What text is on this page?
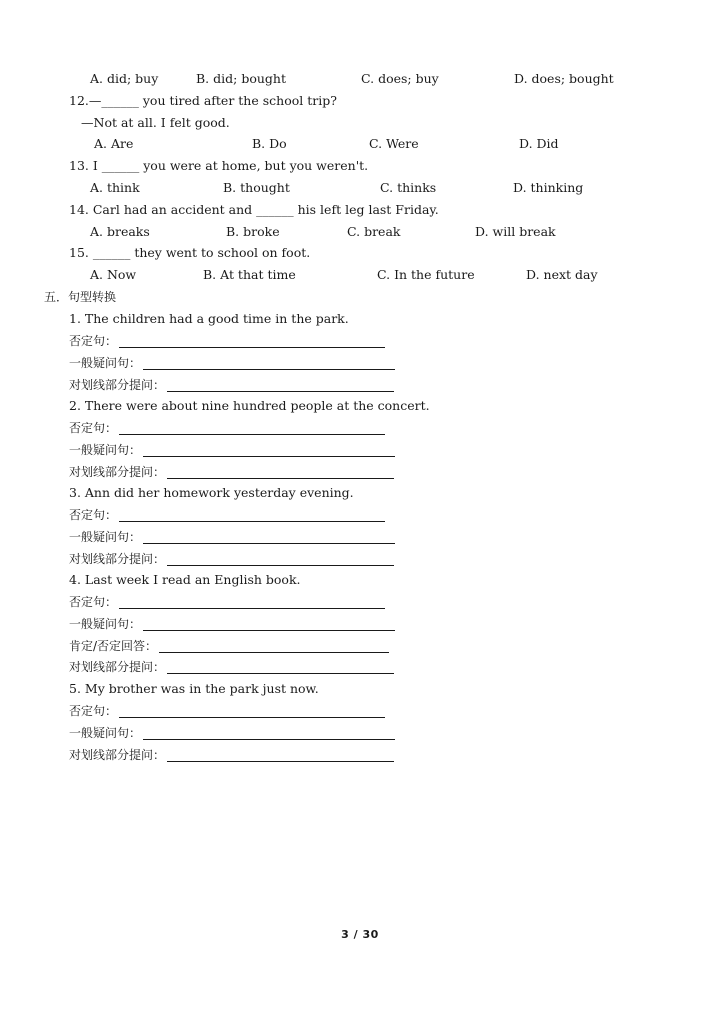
A. did; buy	B. did; bought	C. does; buy	D. does; bought
12.—______ you tired after the school trip?
—Not at all. I felt good.
A. Are	B. Do	C. Were	D. Did
13. I ______ you were at home, but you weren't.
A. think	B. thought	C. thinks	D. thinking
14. Carl had an accident and ______ his left leg last Friday.
A. breaks	B. broke	C. break	D. will break
15. ______ they went to school on foot.
A. Now	B. At that time	C. In the future	D. next day
五．句型转换
1. The children had a good time in the park.
否定句：
一般疑问句：
对划线部分提问：
2. There were about nine hundred people at the concert.
否定句：
一般疑问句：
对划线部分提问：
3. Ann did her homework yesterday evening.
否定句：
一般疑问句：
对划线部分提问：
4. Last week I read an English book.
否定句：
一般疑问句：
肯定/否定回答：
对划线部分提问：
5. My brother was in the park just now.
否定句：
一般疑问句：
对划线部分提问：
3 / 30
